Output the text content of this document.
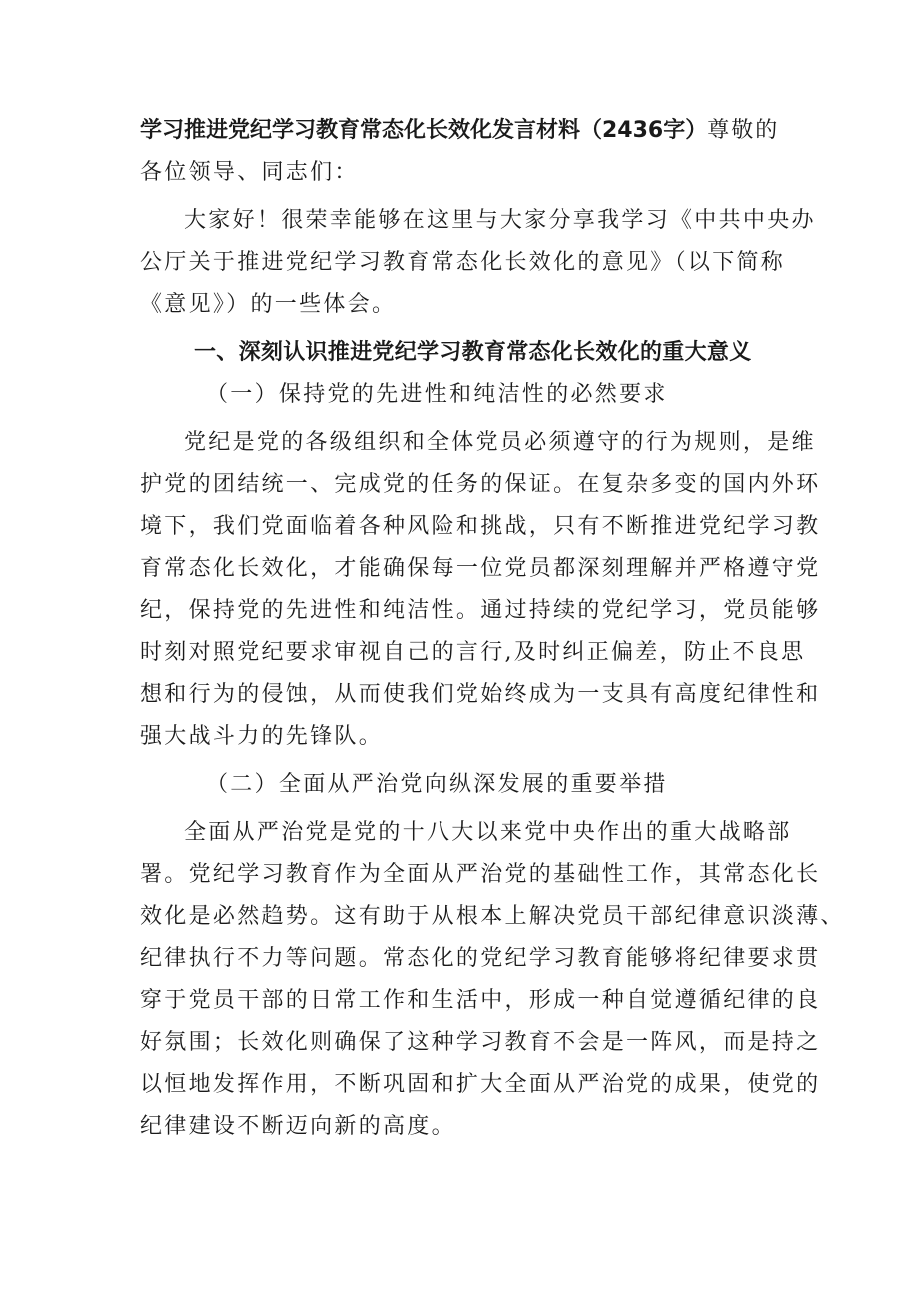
学习推进党纪学习教育常态化长效化发言材料（2436字）尊敬的
各位领导、同志们：
大家好！很荣幸能够在这里与大家分享我学习《中共中央办
公厅关于推进党纪学习教育常态化长效化的意见》（以下简称
《意见》）的一些体会。
一、深刻认识推进党纪学习教育常态化长效化的重大意义
（一）保持党的先进性和纯洁性的必然要求
党纪是党的各级组织和全体党员必须遵守的行为规则，是维
护党的团结统一、完成党的任务的保证。在复杂多变的国内外环
境下，我们党面临着各种风险和挑战，只有不断推进党纪学习教
育常态化长效化，才能确保每一位党员都深刻理解并严格遵守党
纪，保持党的先进性和纯洁性。通过持续的党纪学习，党员能够
时刻对照党纪要求审视自己的言行,及时纠正偏差，防止不良思
想和行为的侵蚀，从而使我们党始终成为一支具有高度纪律性和
强大战斗力的先锋队。
（二）全面从严治党向纵深发展的重要举措
全面从严治党是党的十八大以来党中央作出的重大战略部
署。党纪学习教育作为全面从严治党的基础性工作，其常态化长
效化是必然趋势。这有助于从根本上解决党员干部纪律意识淡薄、
纪律执行不力等问题。常态化的党纪学习教育能够将纪律要求贯
穿于党员干部的日常工作和生活中，形成一种自觉遵循纪律的良
好氛围；长效化则确保了这种学习教育不会是一阵风，而是持之
以恒地发挥作用，不断巩固和扩大全面从严治党的成果，使党的
纪律建设不断迈向新的高度。
